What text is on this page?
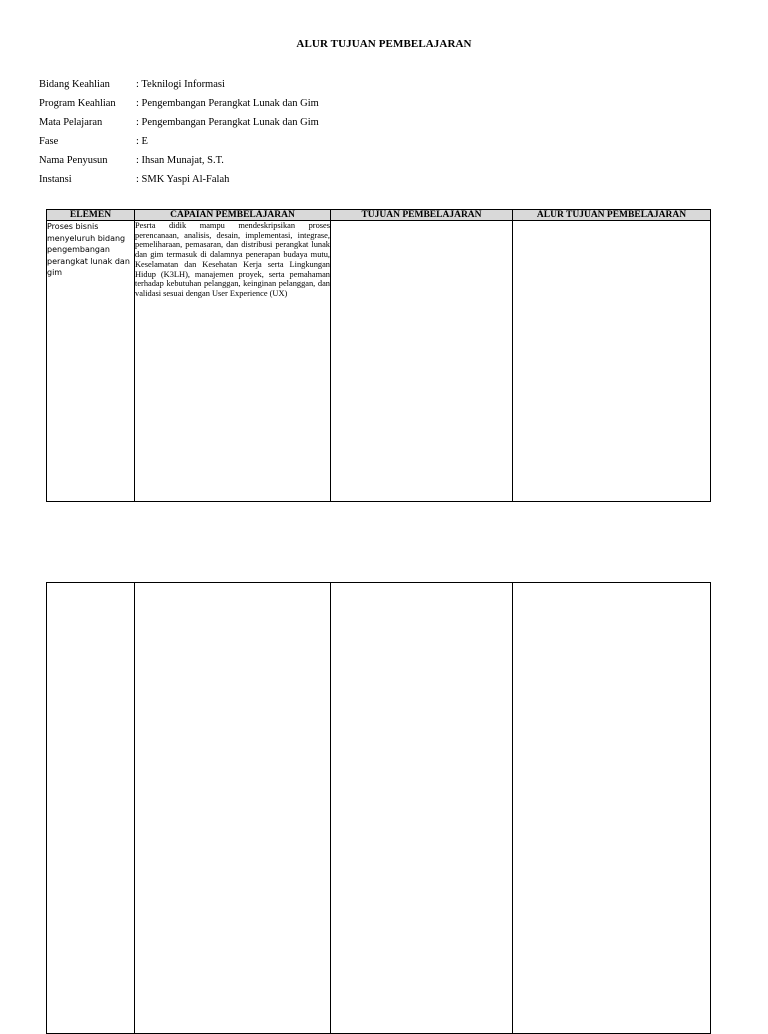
ALUR TUJUAN PEMBELAJARAN
Bidang Keahlian	: Teknilogi Informasi
Program Keahlian	: Pengembangan Perangkat Lunak dan Gim
Mata Pelajaran	: Pengembangan Perangkat Lunak dan Gim
Fase	: E
Nama Penyusun	: Ihsan Munajat, S.T.
Instansi	: SMK Yaspi Al-Falah
ELEMEN	CAPAIAN PEMBELAJARAN	TUJUAN PEMBELAJARAN	ALUR TUJUAN PEMBELAJARAN
Proses bisnis menyeluruh bidang pengembangan perangkat lunak dan gim	Pesrta didik mampu mendeskripsikan proses perencanaan, analisis, desain, implementasi, integrase, pemeliharaan, pemasaran, dan distribusi perangkat lunak dan gim termasuk di dalamnya penerapan budaya mutu, Keselamatan dan Kesehatan Kerja serta Lingkungan Hidup (K3LH), manajemen proyek, serta pemahaman terhadap kebutuhan pelanggan, keinginan pelanggan, dan validasi sesuai dengan User Experience (UX)		
